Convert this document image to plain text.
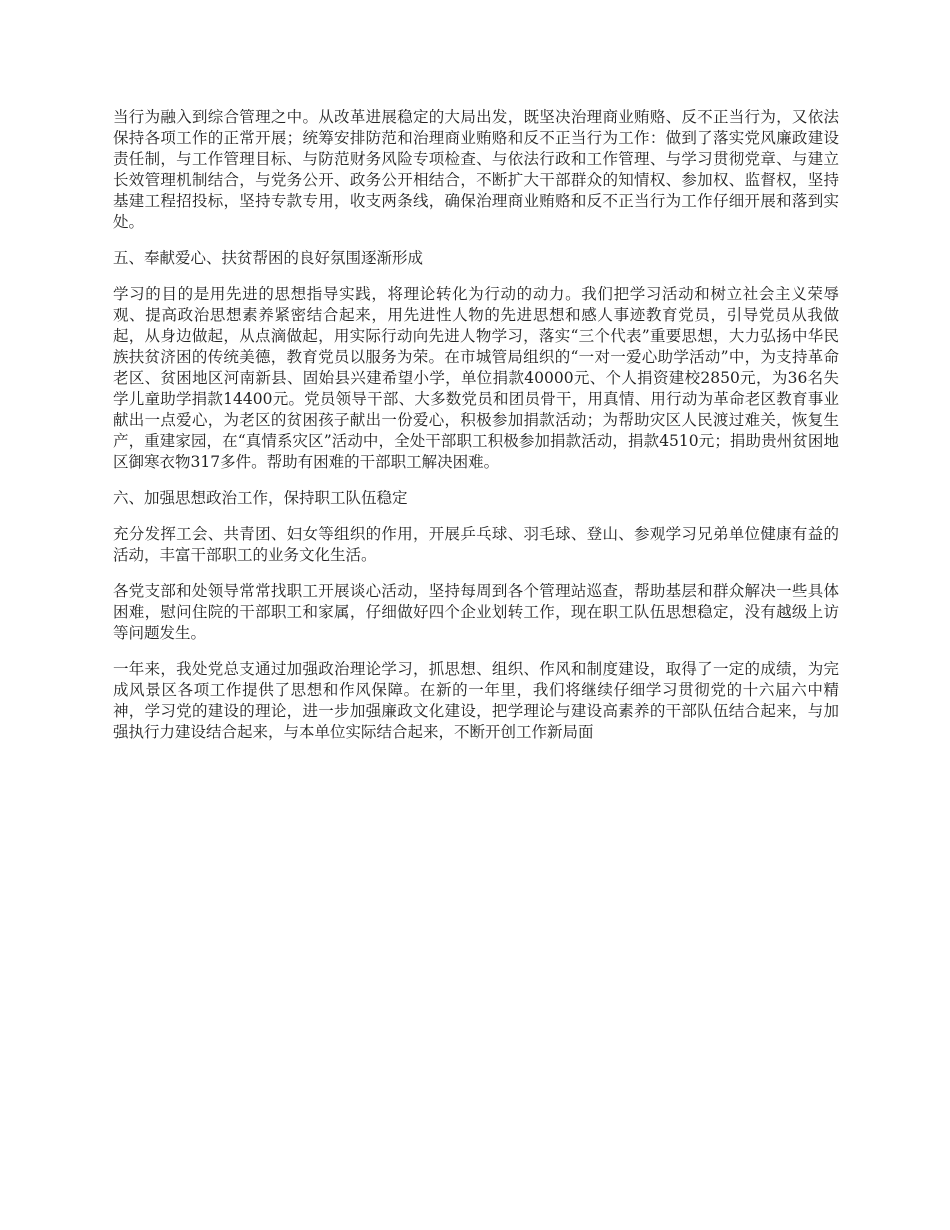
当行为融入到综合管理之中。从改革进展稳定的大局出发，既坚决治理商业贿赂、反不正当行为，又依法保持各项工作的正常开展；统筹安排防范和治理商业贿赂和反不正当行为工作：做到了落实党风廉政建设责任制，与工作管理目标、与防范财务风险专项检查、与依法行政和工作管理、与学习贯彻党章、与建立长效管理机制结合，与党务公开、政务公开相结合，不断扩大干部群众的知情权、参加权、监督权，坚持基建工程招投标，坚持专款专用，收支两条线，确保治理商业贿赂和反不正当行为工作仔细开展和落到实处。

五、奉献爱心、扶贫帮困的良好氛围逐渐形成

学习的目的是用先进的思想指导实践，将理论转化为行动的动力。我们把学习活动和树立社会主义荣辱观、提高政治思想素养紧密结合起来，用先进性人物的先进思想和感人事迹教育党员，引导党员从我做起，从身边做起，从点滴做起，用实际行动向先进人物学习，落实“三个代表”重要思想，大力弘扬中华民族扶贫济困的传统美德，教育党员以服务为荣。在市城管局组织的“一对一爱心助学活动”中，为支持革命老区、贫困地区河南新县、固始县兴建希望小学，单位捐款40000元、个人捐资建校2850元，为36名失学儿童助学捐款14400元。党员领导干部、大多数党员和团员骨干，用真情、用行动为革命老区教育事业献出一点爱心，为老区的贫困孩子献出一份爱心，积极参加捐款活动；为帮助灾区人民渡过难关，恢复生产，重建家园，在“真情系灾区”活动中，全处干部职工积极参加捐款活动，捐款4510元；捐助贵州贫困地区御寒衣物317多件。帮助有困难的干部职工解决困难。

六、加强思想政治工作，保持职工队伍稳定

充分发挥工会、共青团、妇女等组织的作用，开展乒乓球、羽毛球、登山、参观学习兄弟单位健康有益的活动，丰富干部职工的业务文化生活。

各党支部和处领导常常找职工开展谈心活动，坚持每周到各个管理站巡查，帮助基层和群众解决一些具体困难，慰问住院的干部职工和家属，仔细做好四个企业划转工作，现在职工队伍思想稳定，没有越级上访等问题发生。

一年来，我处党总支通过加强政治理论学习，抓思想、组织、作风和制度建设，取得了一定的成绩，为完成风景区各项工作提供了思想和作风保障。在新的一年里，我们将继续仔细学习贯彻党的十六届六中精神，学习党的建设的理论，进一步加强廉政文化建设，把学理论与建设高素养的干部队伍结合起来，与加强执行力建设结合起来，与本单位实际结合起来，不断开创工作新局面
